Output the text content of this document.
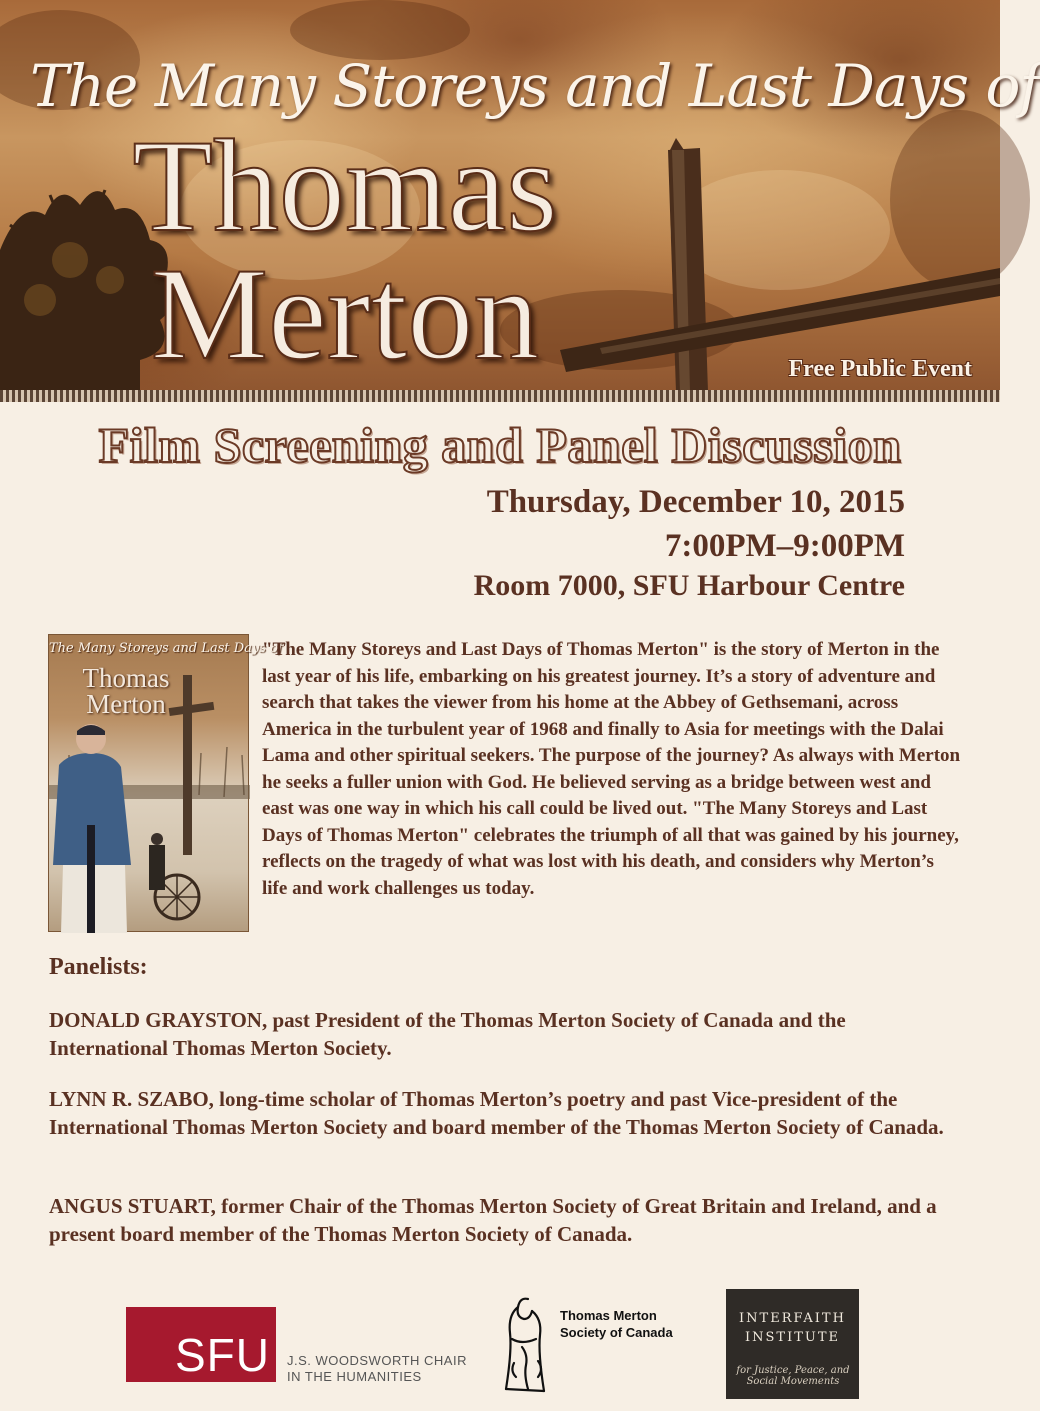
The Many Storeys and Last Days of
Thomas
Merton	Free Public Event
Film Screening and Panel Discussion
Thursday, December 10, 2015
7:00PM–9:00PM
Room 7000, SFU Harbour Centre
The Many Storeys and Last Days of
Thomas
Merton

"The Many Storeys and Last Days of Thomas Merton" is the story of Merton in the last year of his life, embarking on his greatest journey. It’s a story of adventure and search that takes the viewer from his home at the Abbey of Gethsemani, across America in the turbulent year of 1968 and finally to Asia for meetings with the Dalai Lama and other spiritual seekers. The purpose of the journey? As always with Merton he seeks a fuller union with God. He believed serving as a bridge between west and east was one way in which his call could be lived out. "The Many Storeys and Last Days of Thomas Merton" celebrates the triumph of all that was gained by his journey, reflects on the tragedy of what was lost with his death, and considers why Merton’s life and work challenges us today.

Panelists:

DONALD GRAYSTON, past President of the Thomas Merton Society of Canada and the International Thomas Merton Society.

LYNN R. SZABO, long-time scholar of Thomas Merton’s poetry and past Vice-president of the International Thomas Merton Society and board member of the Thomas Merton Society of Canada.

ANGUS STUART, former Chair of the Thomas Merton Society of Great Britain and Ireland, and a present board member of the Thomas Merton Society of Canada.

SFU J.S. WOODSWORTH CHAIR
IN THE HUMANITIES
Thomas Merton
Society of Canada
INTERFAITH
INSTITUTE
for Justice, Peace, and Social Movements
